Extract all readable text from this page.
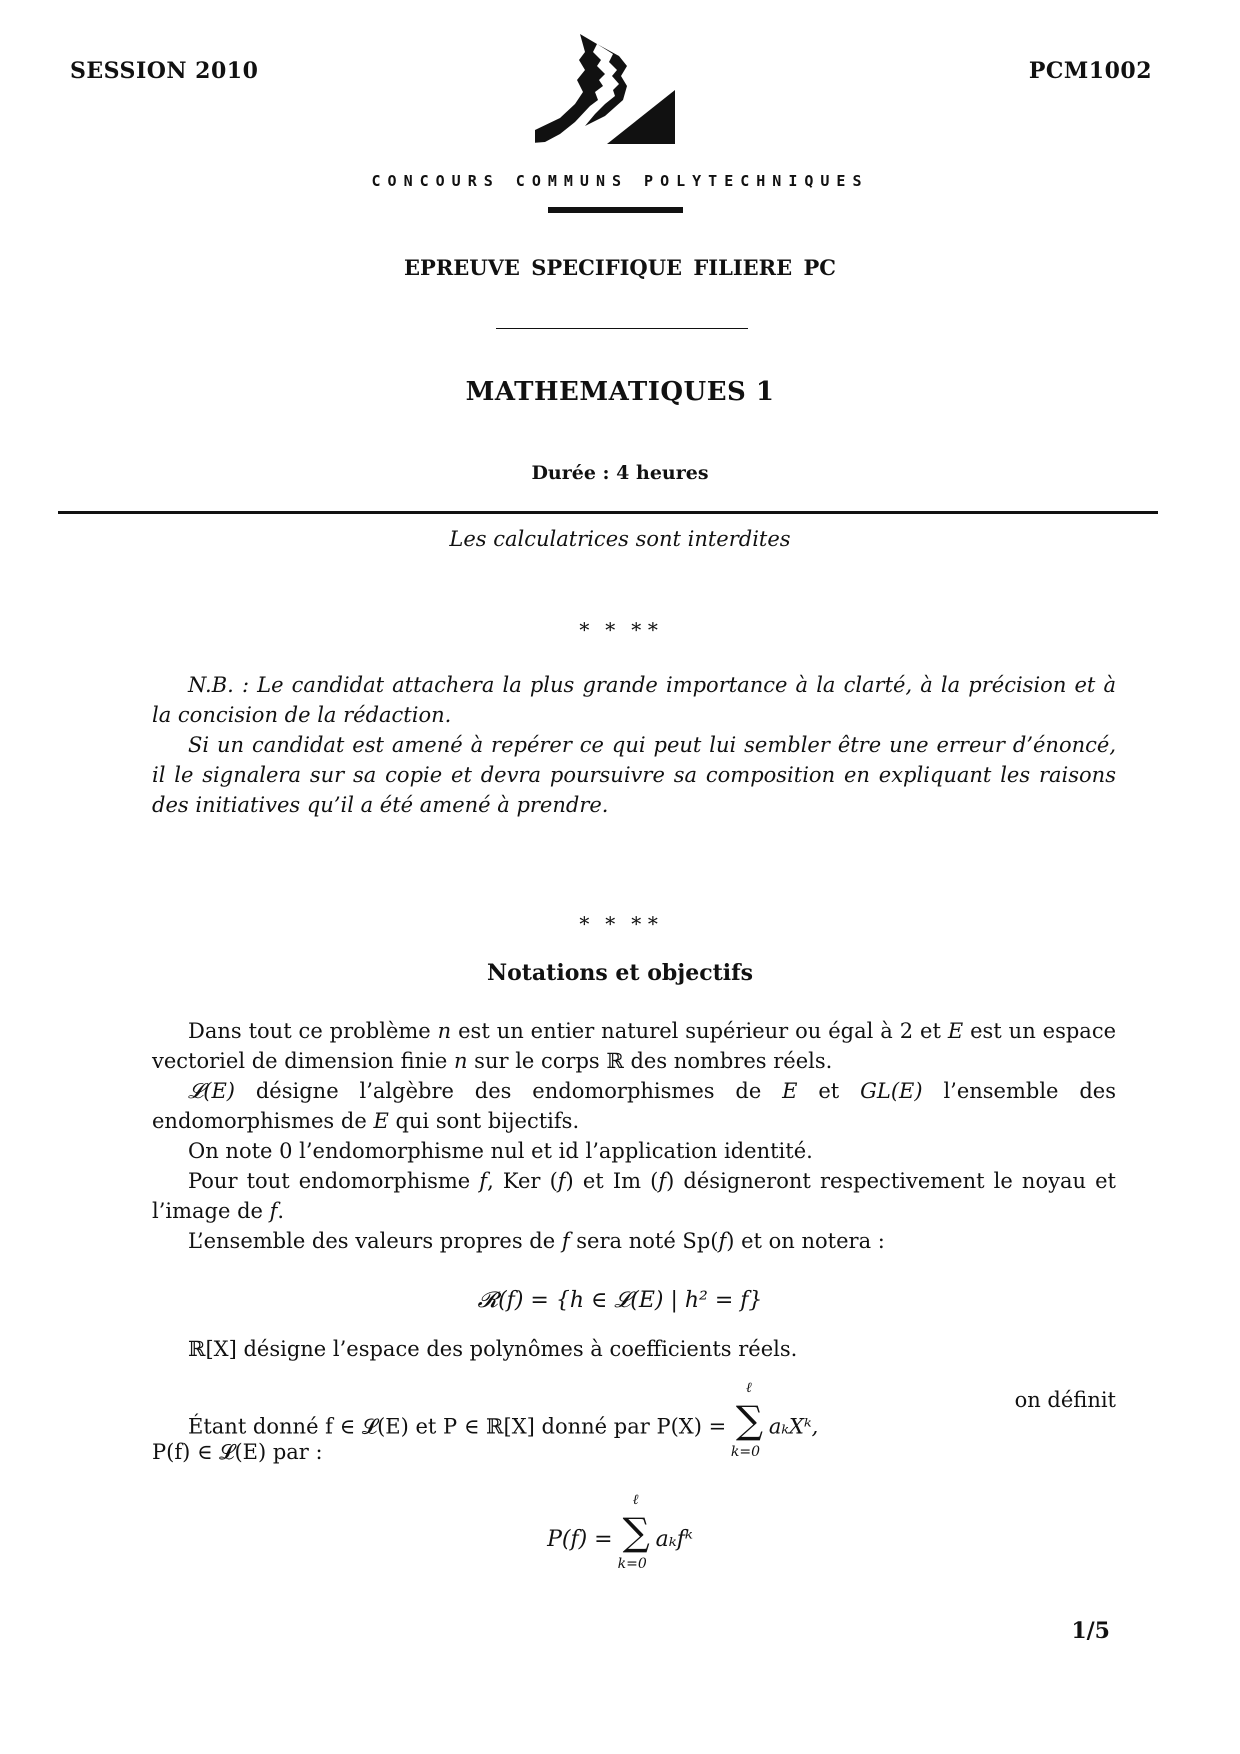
SESSION 2010	PCM1002
CONCOURS COMMUNS POLYTECHNIQUES
EPREUVE SPECIFIQUE FILIERE PC
MATHEMATIQUES 1
Durée : 4 heures
Les calculatrices sont interdites
∗ ∗ ∗∗

N.B. : Le candidat attachera la plus grande importance à la clarté, à la précision et à la concision de la rédaction.

Si un candidat est amené à repérer ce qui peut lui sembler être une erreur d’énoncé, il le signalera sur sa copie et devra poursuivre sa composition en expliquant les raisons des initiatives qu’il a été amené à prendre.

∗ ∗ ∗∗
Notations et objectifs

Dans tout ce problème n est un entier naturel supérieur ou égal à 2 et E est un espace vectoriel de dimension finie n sur le corps ℝ des nombres réels.

𝓛(E) désigne l’algèbre des endomorphismes de E et GL(E) l’ensemble des endomorphismes de E qui sont bijectifs.

On note 0 l’endomorphisme nul et id l’application identité.

Pour tout endomorphisme f, Ker (f) et Im (f) désigneront respectivement le noyau et l’image de f.

L’ensemble des valeurs propres de f sera noté Sp(f) et on notera :

𝓡(f) = {h ∈ 𝓛(E) | h² = f}

ℝ[X] désigne l’espace des polynômes à coefficients réels.

Étant donné f ∈ 𝓛(E) et P ∈ ℝ[X] donné par P(X) =
ℓ
∑
k=0
aₖXᵏ,
on définit
P(f) ∈ 𝓛(E) par :
P(f) =
ℓ
∑
k=0
aₖfᵏ
1/5
